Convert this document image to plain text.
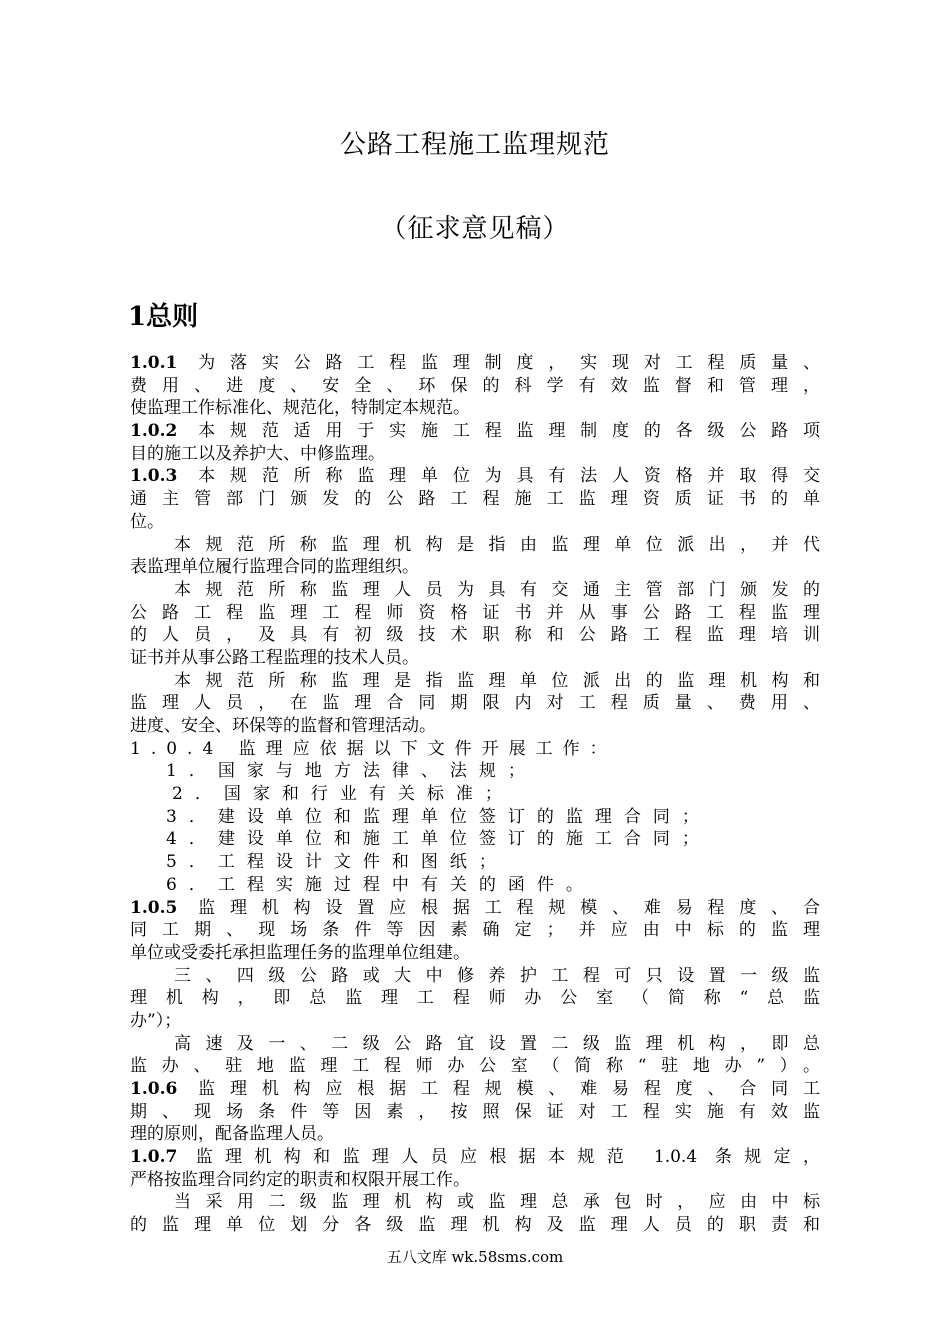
公路工程施工监理规范
（征求意见稿）
1总则
1.0.1 为落实公路工程监理制度，实现对工程质量、
费用、进度、安全、环保的科学有效监督和管理，
使监理工作标准化、规范化，特制定本规范。
1.0.2 本规范适用于实施工程监理制度的各级公路项
目的施工以及养护大、中修监理。
1.0.3 本规范所称监理单位为具有法人资格并取得交
通主管部门颁发的公路工程施工监理资质证书的单
位。
本规范所称监理机构是指由监理单位派出，并代
表监理单位履行监理合同的监理组织。
本规范所称监理人员为具有交通主管部门颁发的
公路工程监理工程师资格证书并从事公路工程监理
的人员，及具有初级技术职称和公路工程监理培训
证书并从事公路工程监理的技术人员。
本规范所称监理是指监理单位派出的监理机构和
监理人员，在监理合同期限内对工程质量、费用、
进度、安全、环保等的监督和管理活动。
1.0.4 监理应依据以下文件开展工作：
1．国家与地方法律、法规；
2．国家和行业有关标准；
3．建设单位和监理单位签订的监理合同；
4．建设单位和施工单位签订的施工合同；
5．工程设计文件和图纸；
6．工程实施过程中有关的函件。
1.0.5 监理机构设置应根据工程规模、难易程度、合
同工期、现场条件等因素确定；并应由中标的监理
单位或受委托承担监理任务的监理单位组建。
三、四级公路或大中修养护工程可只设置一级监
理机构，即总监理工程师办公室（简称“总监
办”）；
高速及一、二级公路宜设置二级监理机构，即总
监办、驻地监理工程师办公室（简称“驻地办”）。
1.0.6 监理机构应根据工程规模、难易程度、合同工
期、现场条件等因素，按照保证对工程实施有效监
理的原则，配备监理人员。
1.0.7 监理机构和监理人员应根据本规范 1.0.4 条规定，
严格按监理合同约定的职责和权限开展工作。
当采用二级监理机构或监理总承包时，应由中标
的监理单位划分各级监理机构及监理人员的职责和
五八文库 wk.58sms.com
